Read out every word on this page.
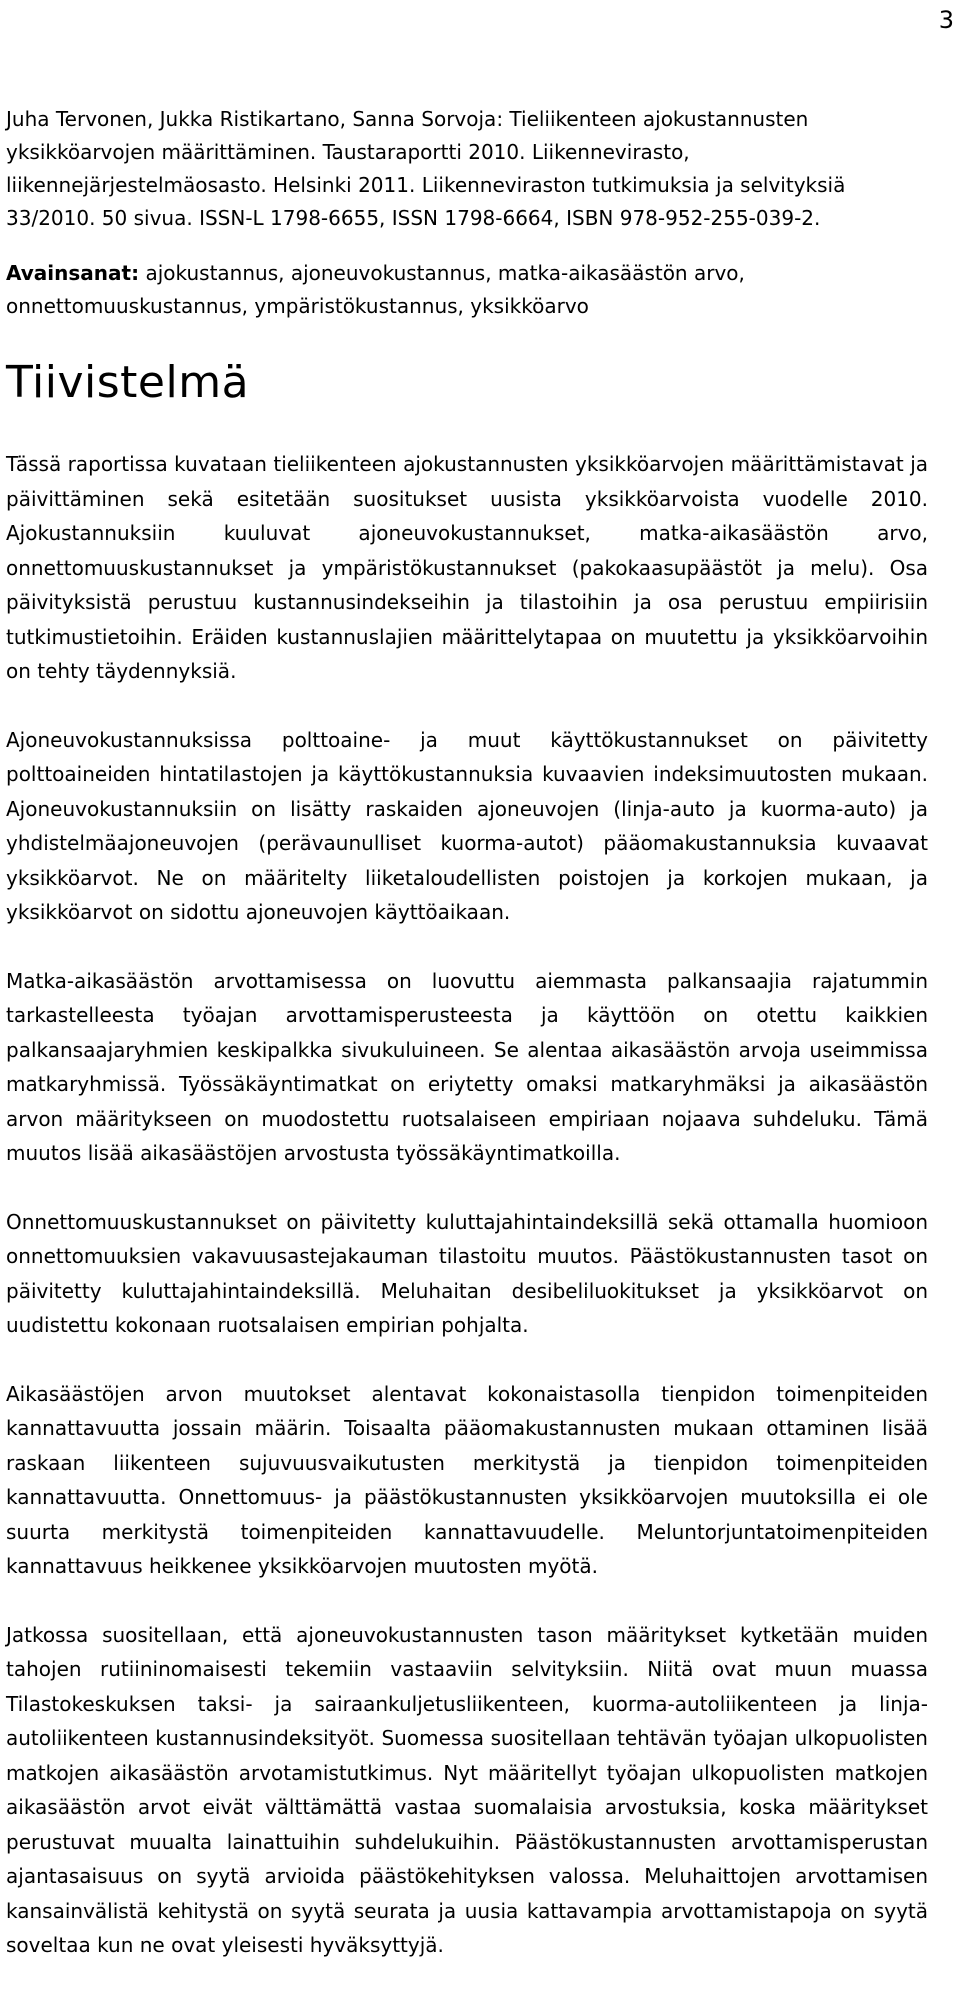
3

Juha Tervonen, Jukka Ristikartano, Sanna Sorvoja: Tieliikenteen ajokustannusten yksikköarvojen määrittäminen. Taustaraportti 2010. Liikennevirasto, liikennejärjestelmäosasto. Helsinki 2011. Liikenneviraston tutkimuksia ja selvityksiä 33/2010. 50 sivua. ISSN-L 1798-6655, ISSN 1798-6664, ISBN 978-952-255-039-2.

Avainsanat: ajokustannus, ajoneuvokustannus, matka-aikasäästön arvo, onnettomuuskustannus, ympäristökustannus, yksikköarvo

Tiivistelmä

Tässä raportissa kuvataan tieliikenteen ajokustannusten yksikköarvojen määrittämistavat ja päivittäminen sekä esitetään suositukset uusista yksikköarvoista vuodelle 2010. Ajokustannuksiin kuuluvat ajoneuvokustannukset, matka-aikasäästön arvo, onnettomuuskustannukset ja ympäristökustannukset (pakokaasupäästöt ja melu). Osa päivityksistä perustuu kustannusindekseihin ja tilastoihin ja osa perustuu empiirisiin tutkimustietoihin. Eräiden kustannuslajien määrittelytapaa on muutettu ja yksikköarvoihin on tehty täydennyksiä.

Ajoneuvokustannuksissa polttoaine- ja muut käyttökustannukset on päivitetty polttoaineiden hintatilastojen ja käyttökustannuksia kuvaavien indeksimuutosten mukaan. Ajoneuvokustannuksiin on lisätty raskaiden ajoneuvojen (linja-auto ja kuorma-auto) ja yhdistelmäajoneuvojen (perävaunulliset kuorma-autot) pääomakustannuksia kuvaavat yksikköarvot. Ne on määritelty liiketaloudellisten poistojen ja korkojen mukaan, ja yksikköarvot on sidottu ajoneuvojen käyttöaikaan.

Matka-aikasäästön arvottamisessa on luovuttu aiemmasta palkansaajia rajatummin tarkastelleesta työajan arvottamisperusteesta ja käyttöön on otettu kaikkien palkansaajaryhmien keskipalkka sivukuluineen. Se alentaa aikasäästön arvoja useimmissa matkaryhmissä. Työssäkäyntimatkat on eriytetty omaksi matkaryhmäksi ja aikasäästön arvon määritykseen on muodostettu ruotsalaiseen empiriaan nojaava suhdeluku. Tämä muutos lisää aikasäästöjen arvostusta työssäkäyntimatkoilla.

Onnettomuuskustannukset on päivitetty kuluttajahintaindeksillä sekä ottamalla huomioon onnettomuuksien vakavuusastejakauman tilastoitu muutos. Päästökustannusten tasot on päivitetty kuluttajahintaindeksillä. Meluhaitan desibeliluokitukset ja yksikköarvot on uudistettu kokonaan ruotsalaisen empirian pohjalta.

Aikasäästöjen arvon muutokset alentavat kokonaistasolla tienpidon toimenpiteiden kannattavuutta jossain määrin. Toisaalta pääomakustannusten mukaan ottaminen lisää raskaan liikenteen sujuvuusvaikutusten merkitystä ja tienpidon toimenpiteiden kannattavuutta. Onnettomuus- ja päästökustannusten yksikköarvojen muutoksilla ei ole suurta merkitystä toimenpiteiden kannattavuudelle. Meluntorjuntatoimenpiteiden kannattavuus heikkenee yksikköarvojen muutosten myötä.

Jatkossa suositellaan, että ajoneuvokustannusten tason määritykset kytketään muiden tahojen rutiininomaisesti tekemiin vastaaviin selvityksiin. Niitä ovat muun muassa Tilastokeskuksen taksi- ja sairaankuljetusliikenteen, kuorma-autoliikenteen ja linja-autoliikenteen kustannusindeksityöt. Suomessa suositellaan tehtävän työajan ulkopuolisten matkojen aikasäästön arvotamistutkimus. Nyt määritellyt työajan ulkopuolisten matkojen aikasäästön arvot eivät välttämättä vastaa suomalaisia arvostuksia, koska määritykset perustuvat muualta lainattuihin suhdelukuihin. Päästökustannusten arvottamisperustan ajantasaisuus on syytä arvioida päästökehityksen valossa. Meluhaittojen arvottamisen kansainvälistä kehitystä on syytä seurata ja uusia kattavampia arvottamistapoja on syytä soveltaa kun ne ovat yleisesti hyväksyttyjä.
